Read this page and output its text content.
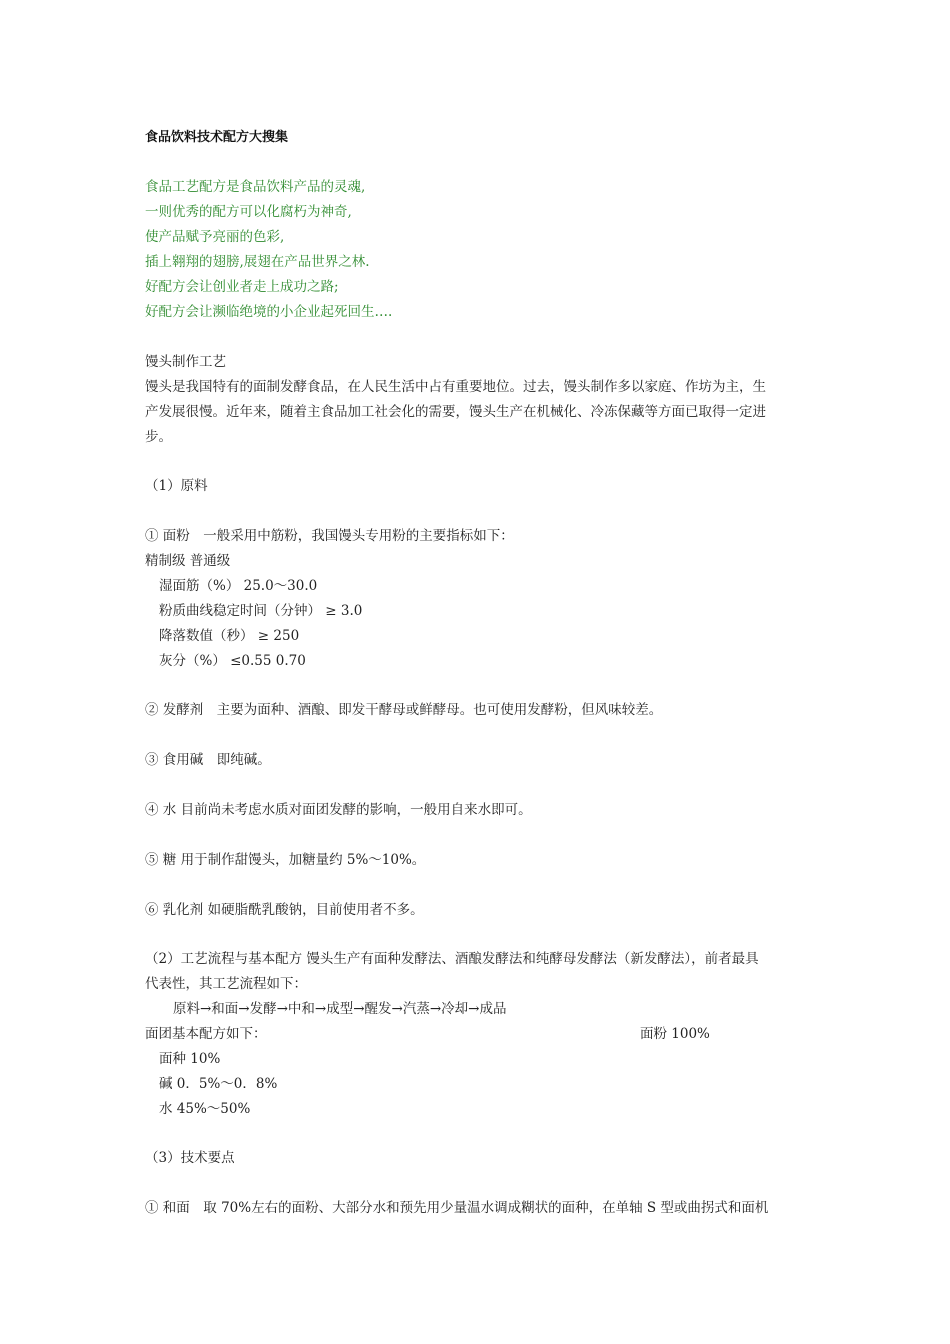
食品饮料技术配方大搜集
食品工艺配方是食品饮料产品的灵魂,
一则优秀的配方可以化腐朽为神奇,
使产品赋予亮丽的色彩,
插上翱翔的翅膀,展翅在产品世界之林.
好配方会让创业者走上成功之路;
好配方会让濒临绝境的小企业起死回生….
馒头制作工艺
馒头是我国特有的面制发酵食品，在人民生活中占有重要地位。过去，馒头制作多以家庭、作坊为主，生
产发展很慢。近年来，随着主食品加工社会化的需要，馒头生产在机械化、冷冻保藏等方面已取得一定进
步。
（1）原料
① 面粉　一般采用中筋粉，我国馒头专用粉的主要指标如下：
精制级 普通级
湿面筋（%） 25.0～30.0
粉质曲线稳定时间（分钟） ≥ 3.0
降落数值（秒） ≥ 250
灰分（%） ≤0.55 0.70
② 发酵剂　主要为面种、酒酿、即发干酵母或鲜酵母。也可使用发酵粉，但风味较差。
③ 食用碱　即纯碱。
④ 水 目前尚未考虑水质对面团发酵的影响，一般用自来水即可。
⑤ 糖 用于制作甜馒头，加糖量约 5%～10%。
⑥ 乳化剂 如硬脂酰乳酸钠，目前使用者不多。
（2）工艺流程与基本配方 馒头生产有面种发酵法、酒酿发酵法和纯酵母发酵法（新发酵法），前者最具
代表性，其工艺流程如下：
原料→和面→发酵→中和→成型→醒发→汽蒸→冷却→成品
面团基本配方如下：	面粉 100%
面种 10%
碱 0．5%～0．8%
水 45%～50%
（3）技术要点
① 和面　取 70%左右的面粉、大部分水和预先用少量温水调成糊状的面种，在单轴 S 型或曲拐式和面机
